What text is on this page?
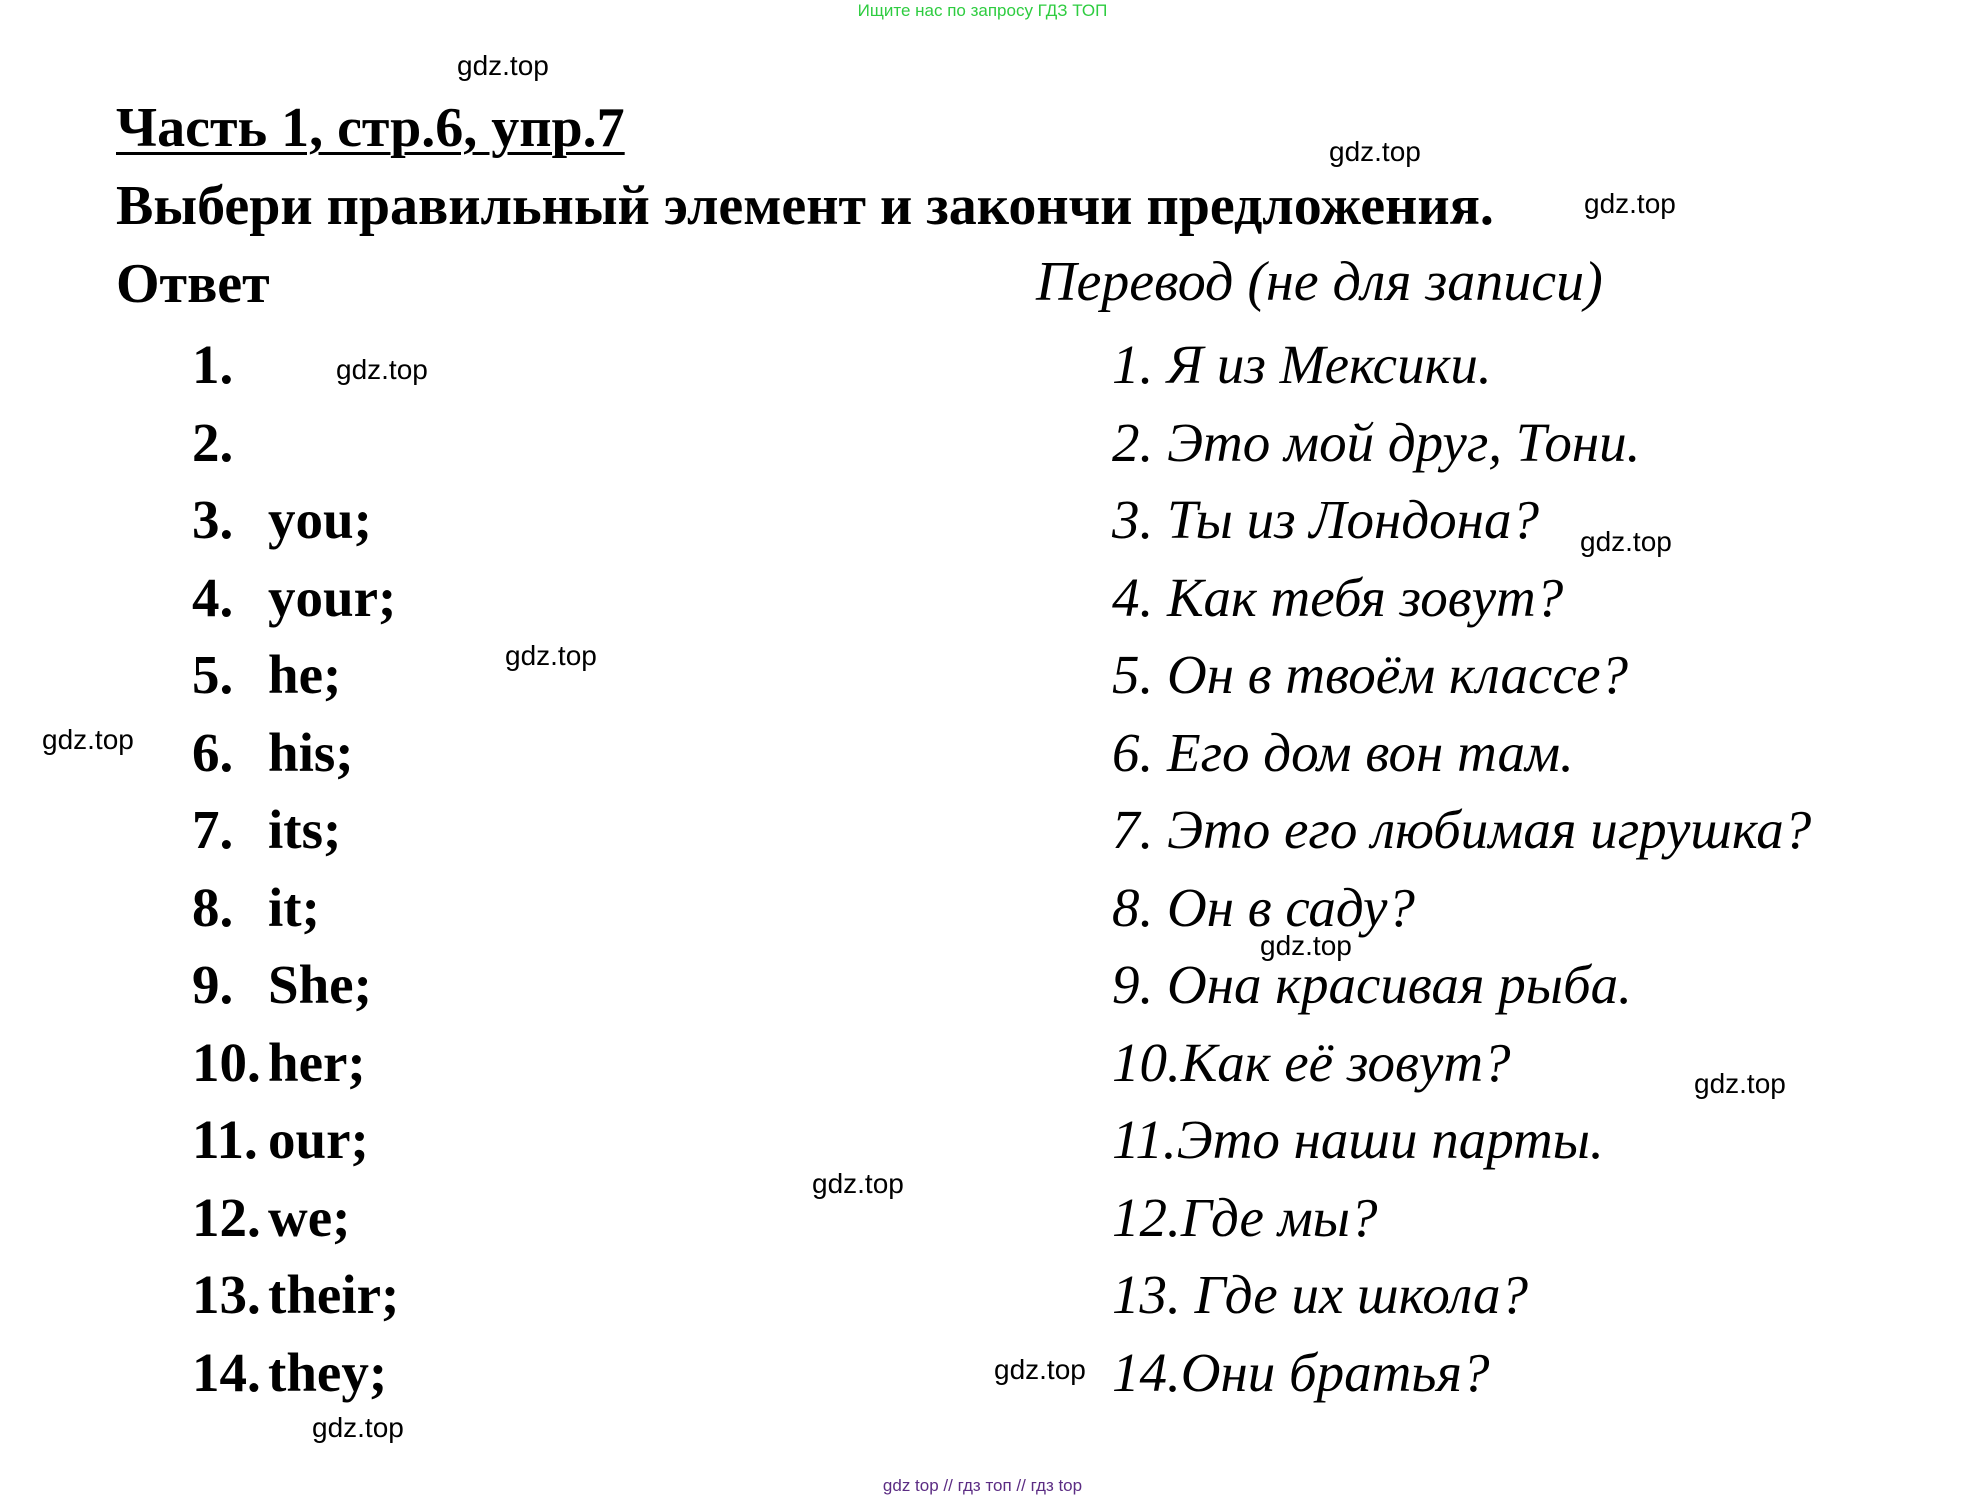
Ищите нас по запросу ГДЗ ТОП
Часть 1, стр.6, упр.7
Выбери правильный элемент и закончи предложения.
Ответ	Перевод (не для записи)
1.
2.
3. you;
4. your;
5. he;
6. his;
7. its;
8. it;
9. She;
10. her;
11. our;
12. we;
13. their;
14. they;
1. Я из Мексики.
2. Это мой друг, Тони.
3. Ты из Лондона?
4. Как тебя зовут?
5. Он в твоём классе?
6. Его дом вон там.
7. Это его любимая игрушка?
8. Он в саду?
9. Она красивая рыба.
10.Как её зовут?
11.Это наши парты.
12.Где мы?
13. Где их школа?
14.Они братья?
gdz.top
gdz.top
gdz.top
gdz.top
gdz.top
gdz.top
gdz.top
gdz.top
gdz.top
gdz.top
gdz.top
gdz.top
gdz top // гдз топ // гдз top
